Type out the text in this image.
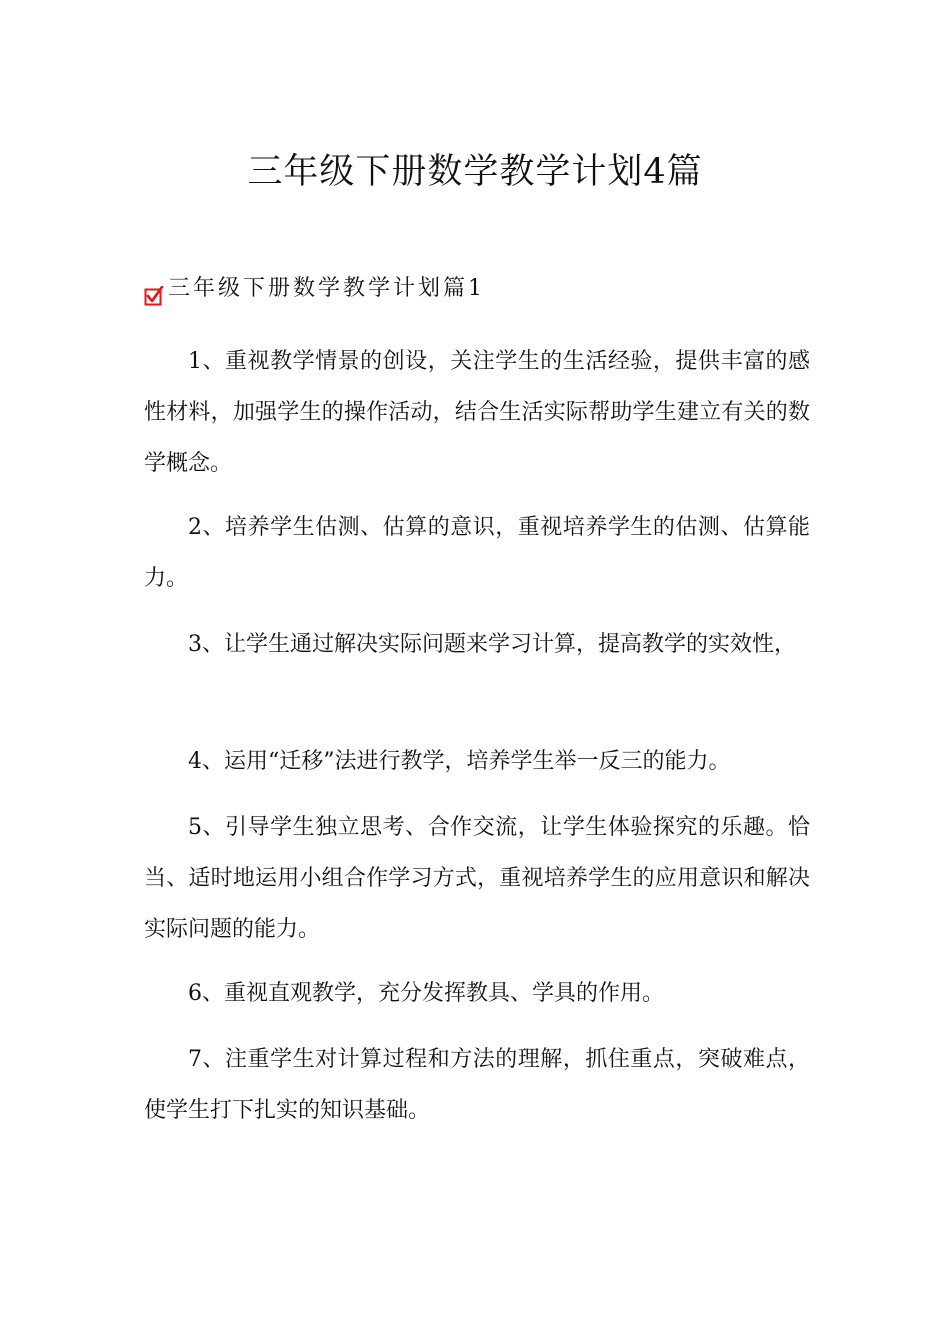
三年级下册数学教学计划4篇
三年级下册数学教学计划篇1

1、重视教学情景的创设，关注学生的生活经验，提供丰富的感性材料，加强学生的操作活动，结合生活实际帮助学生建立有关的数学概念。

2、培养学生估测、估算的意识，重视培养学生的估测、估算能力。

3、让学生通过解决实际问题来学习计算，提高教学的实效性，

4、运用“迁移”法进行教学，培养学生举一反三的能力。

5、引导学生独立思考、合作交流，让学生体验探究的乐趣。恰当、适时地运用小组合作学习方式，重视培养学生的应用意识和解决实际问题的能力。

6、重视直观教学，充分发挥教具、学具的作用。

7、注重学生对计算过程和方法的理解，抓住重点，突破难点，使学生打下扎实的知识基础。
